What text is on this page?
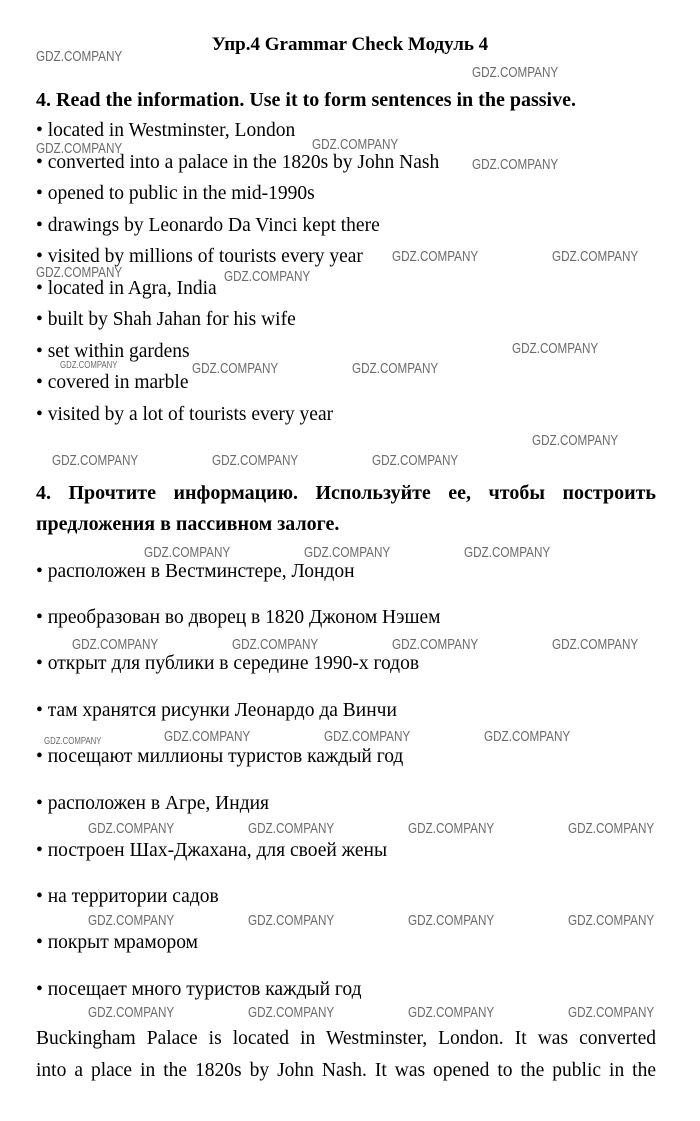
Упр.4 Grammar Check Модуль 4
4. Read the information. Use it to form sentences in the passive.
• located in Westminster, London
• converted into a palace in the 1820s by John Nash
• opened to public in the mid-1990s
• drawings by Leonardo Da Vinci kept there
• visited by millions of tourists every year
• located in Agra, India
• built by Shah Jahan for his wife
• set within gardens
• covered in marble
• visited by a lot of tourists every year
4. Прочтите информацию. Используйте ее, чтобы построить
предложения в пассивном залоге.
• расположен в Вестминстере, Лондон
• преобразован во дворец в 1820 Джоном Нэшем
• открыт для публики в середине 1990-х годов
• там хранятся рисунки Леонардо да Винчи
• посещают миллионы туристов каждый год
• расположен в Агре, Индия
• построен Шах-Джахана, для своей жены
• на территории садов
• покрыт мрамором
• посещает много туристов каждый год
Buckingham Palace is located in Westminster, London. It was converted
into a place in the 1820s by John Nash. It was opened to the public in the
GDZ.COMPANY
GDZ.COMPANY
GDZ.COMPANY	GDZ.COMPANY
GDZ.COMPANY
GDZ.COMPANY	GDZ.COMPANY
GDZ.COMPANY	GDZ.COMPANY
GDZ.COMPANY
GDZ.COMPANY	GDZ.COMPANY	GDZ.COMPANY
GDZ.COMPANY
GDZ.COMPANY	GDZ.COMPANY	GDZ.COMPANY
GDZ.COMPANY	GDZ.COMPANY	GDZ.COMPANY
GDZ.COMPANY	GDZ.COMPANY	GDZ.COMPANY	GDZ.COMPANY
GDZ.COMPANY	GDZ.COMPANY	GDZ.COMPANY	GDZ.COMPANY
GDZ.COMPANY	GDZ.COMPANY	GDZ.COMPANY	GDZ.COMPANY
GDZ.COMPANY	GDZ.COMPANY	GDZ.COMPANY	GDZ.COMPANY
GDZ.COMPANY	GDZ.COMPANY	GDZ.COMPANY	GDZ.COMPANY
